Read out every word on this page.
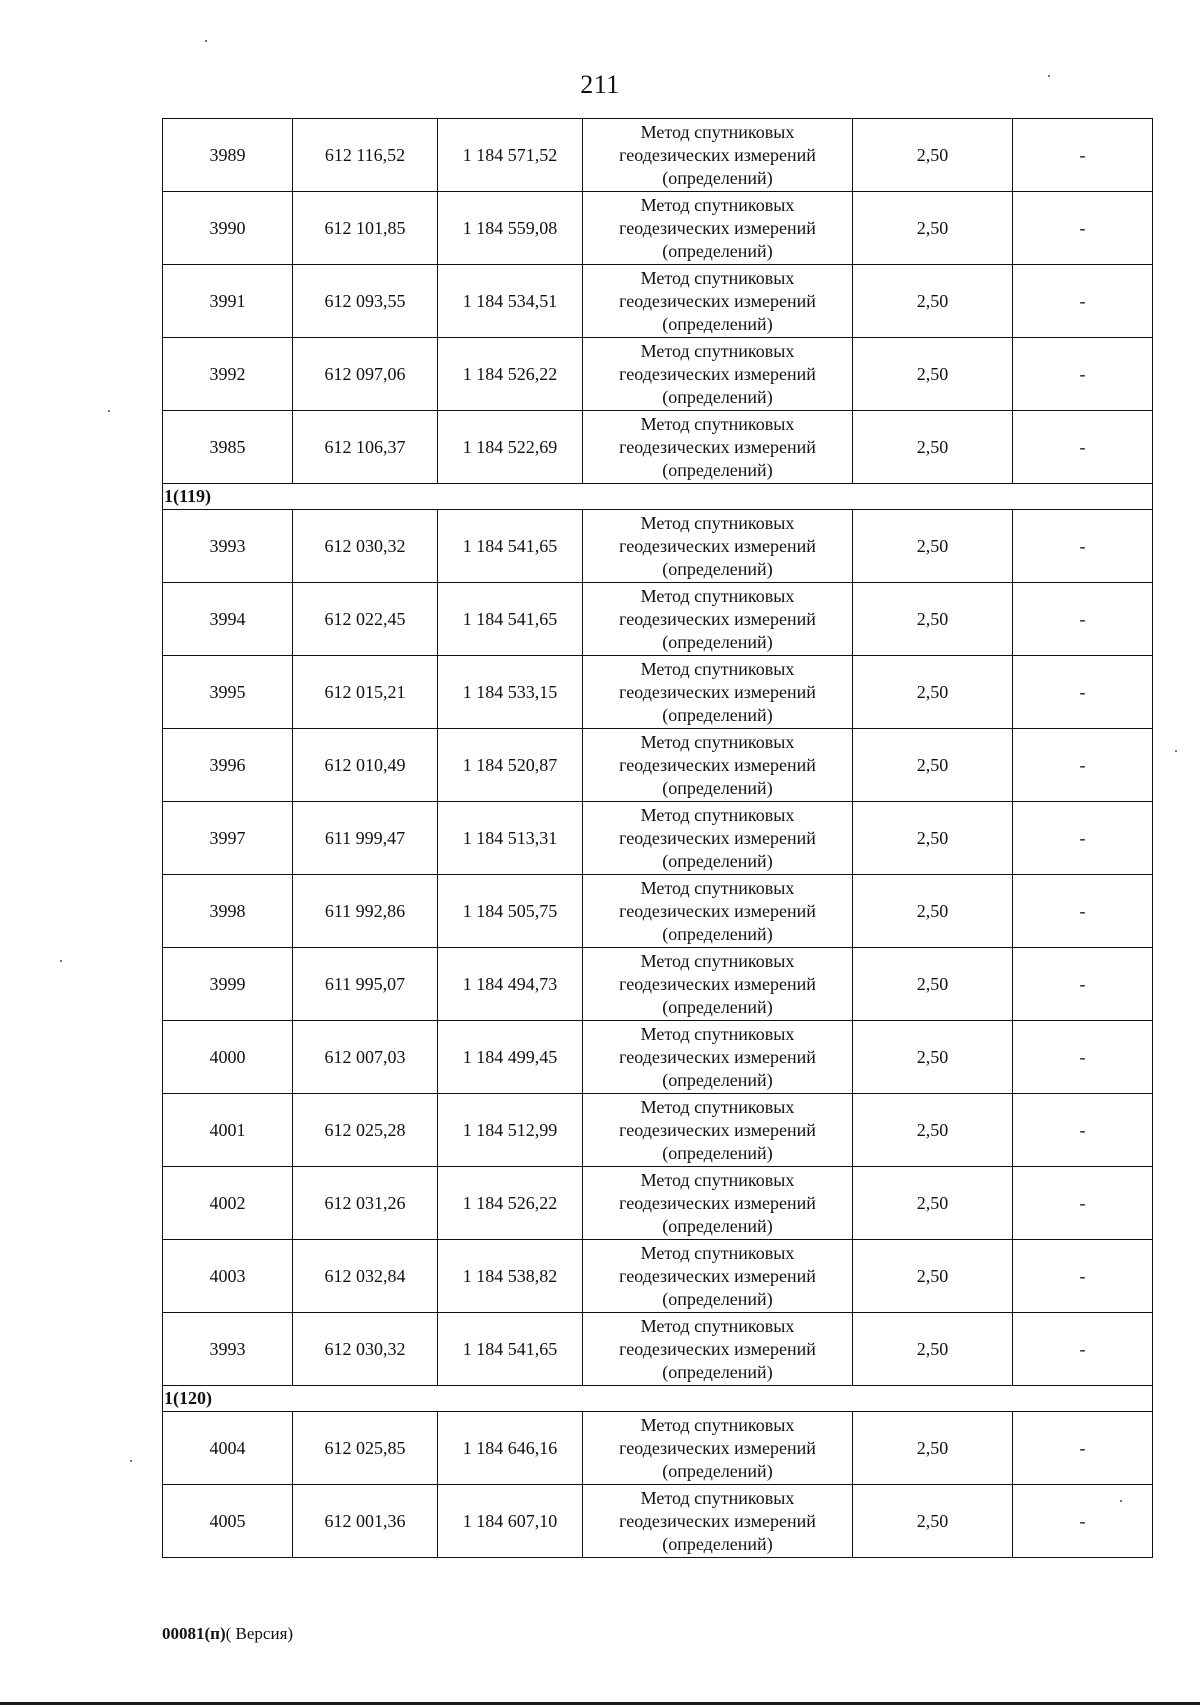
211
3989	612 116,52	1 184 571,52	Метод спутниковых
геодезических измерений
(определений)	2,50	-
3990	612 101,85	1 184 559,08	Метод спутниковых
геодезических измерений
(определений)	2,50	-
3991	612 093,55	1 184 534,51	Метод спутниковых
геодезических измерений
(определений)	2,50	-
3992	612 097,06	1 184 526,22	Метод спутниковых
геодезических измерений
(определений)	2,50	-
3985	612 106,37	1 184 522,69	Метод спутниковых
геодезических измерений
(определений)	2,50	-
1(119)					
3993	612 030,32	1 184 541,65	Метод спутниковых
геодезических измерений
(определений)	2,50	-
3994	612 022,45	1 184 541,65	Метод спутниковых
геодезических измерений
(определений)	2,50	-
3995	612 015,21	1 184 533,15	Метод спутниковых
геодезических измерений
(определений)	2,50	-
3996	612 010,49	1 184 520,87	Метод спутниковых
геодезических измерений
(определений)	2,50	-
3997	611 999,47	1 184 513,31	Метод спутниковых
геодезических измерений
(определений)	2,50	-
3998	611 992,86	1 184 505,75	Метод спутниковых
геодезических измерений
(определений)	2,50	-
3999	611 995,07	1 184 494,73	Метод спутниковых
геодезических измерений
(определений)	2,50	-
4000	612 007,03	1 184 499,45	Метод спутниковых
геодезических измерений
(определений)	2,50	-
4001	612 025,28	1 184 512,99	Метод спутниковых
геодезических измерений
(определений)	2,50	-
4002	612 031,26	1 184 526,22	Метод спутниковых
геодезических измерений
(определений)	2,50	-
4003	612 032,84	1 184 538,82	Метод спутниковых
геодезических измерений
(определений)	2,50	-
3993	612 030,32	1 184 541,65	Метод спутниковых
геодезических измерений
(определений)	2,50	-
1(120)					
4004	612 025,85	1 184 646,16	Метод спутниковых
геодезических измерений
(определений)	2,50	-
4005	612 001,36	1 184 607,10	Метод спутниковых
геодезических измерений
(определений)	2,50	-
00081(п)( Версия)
